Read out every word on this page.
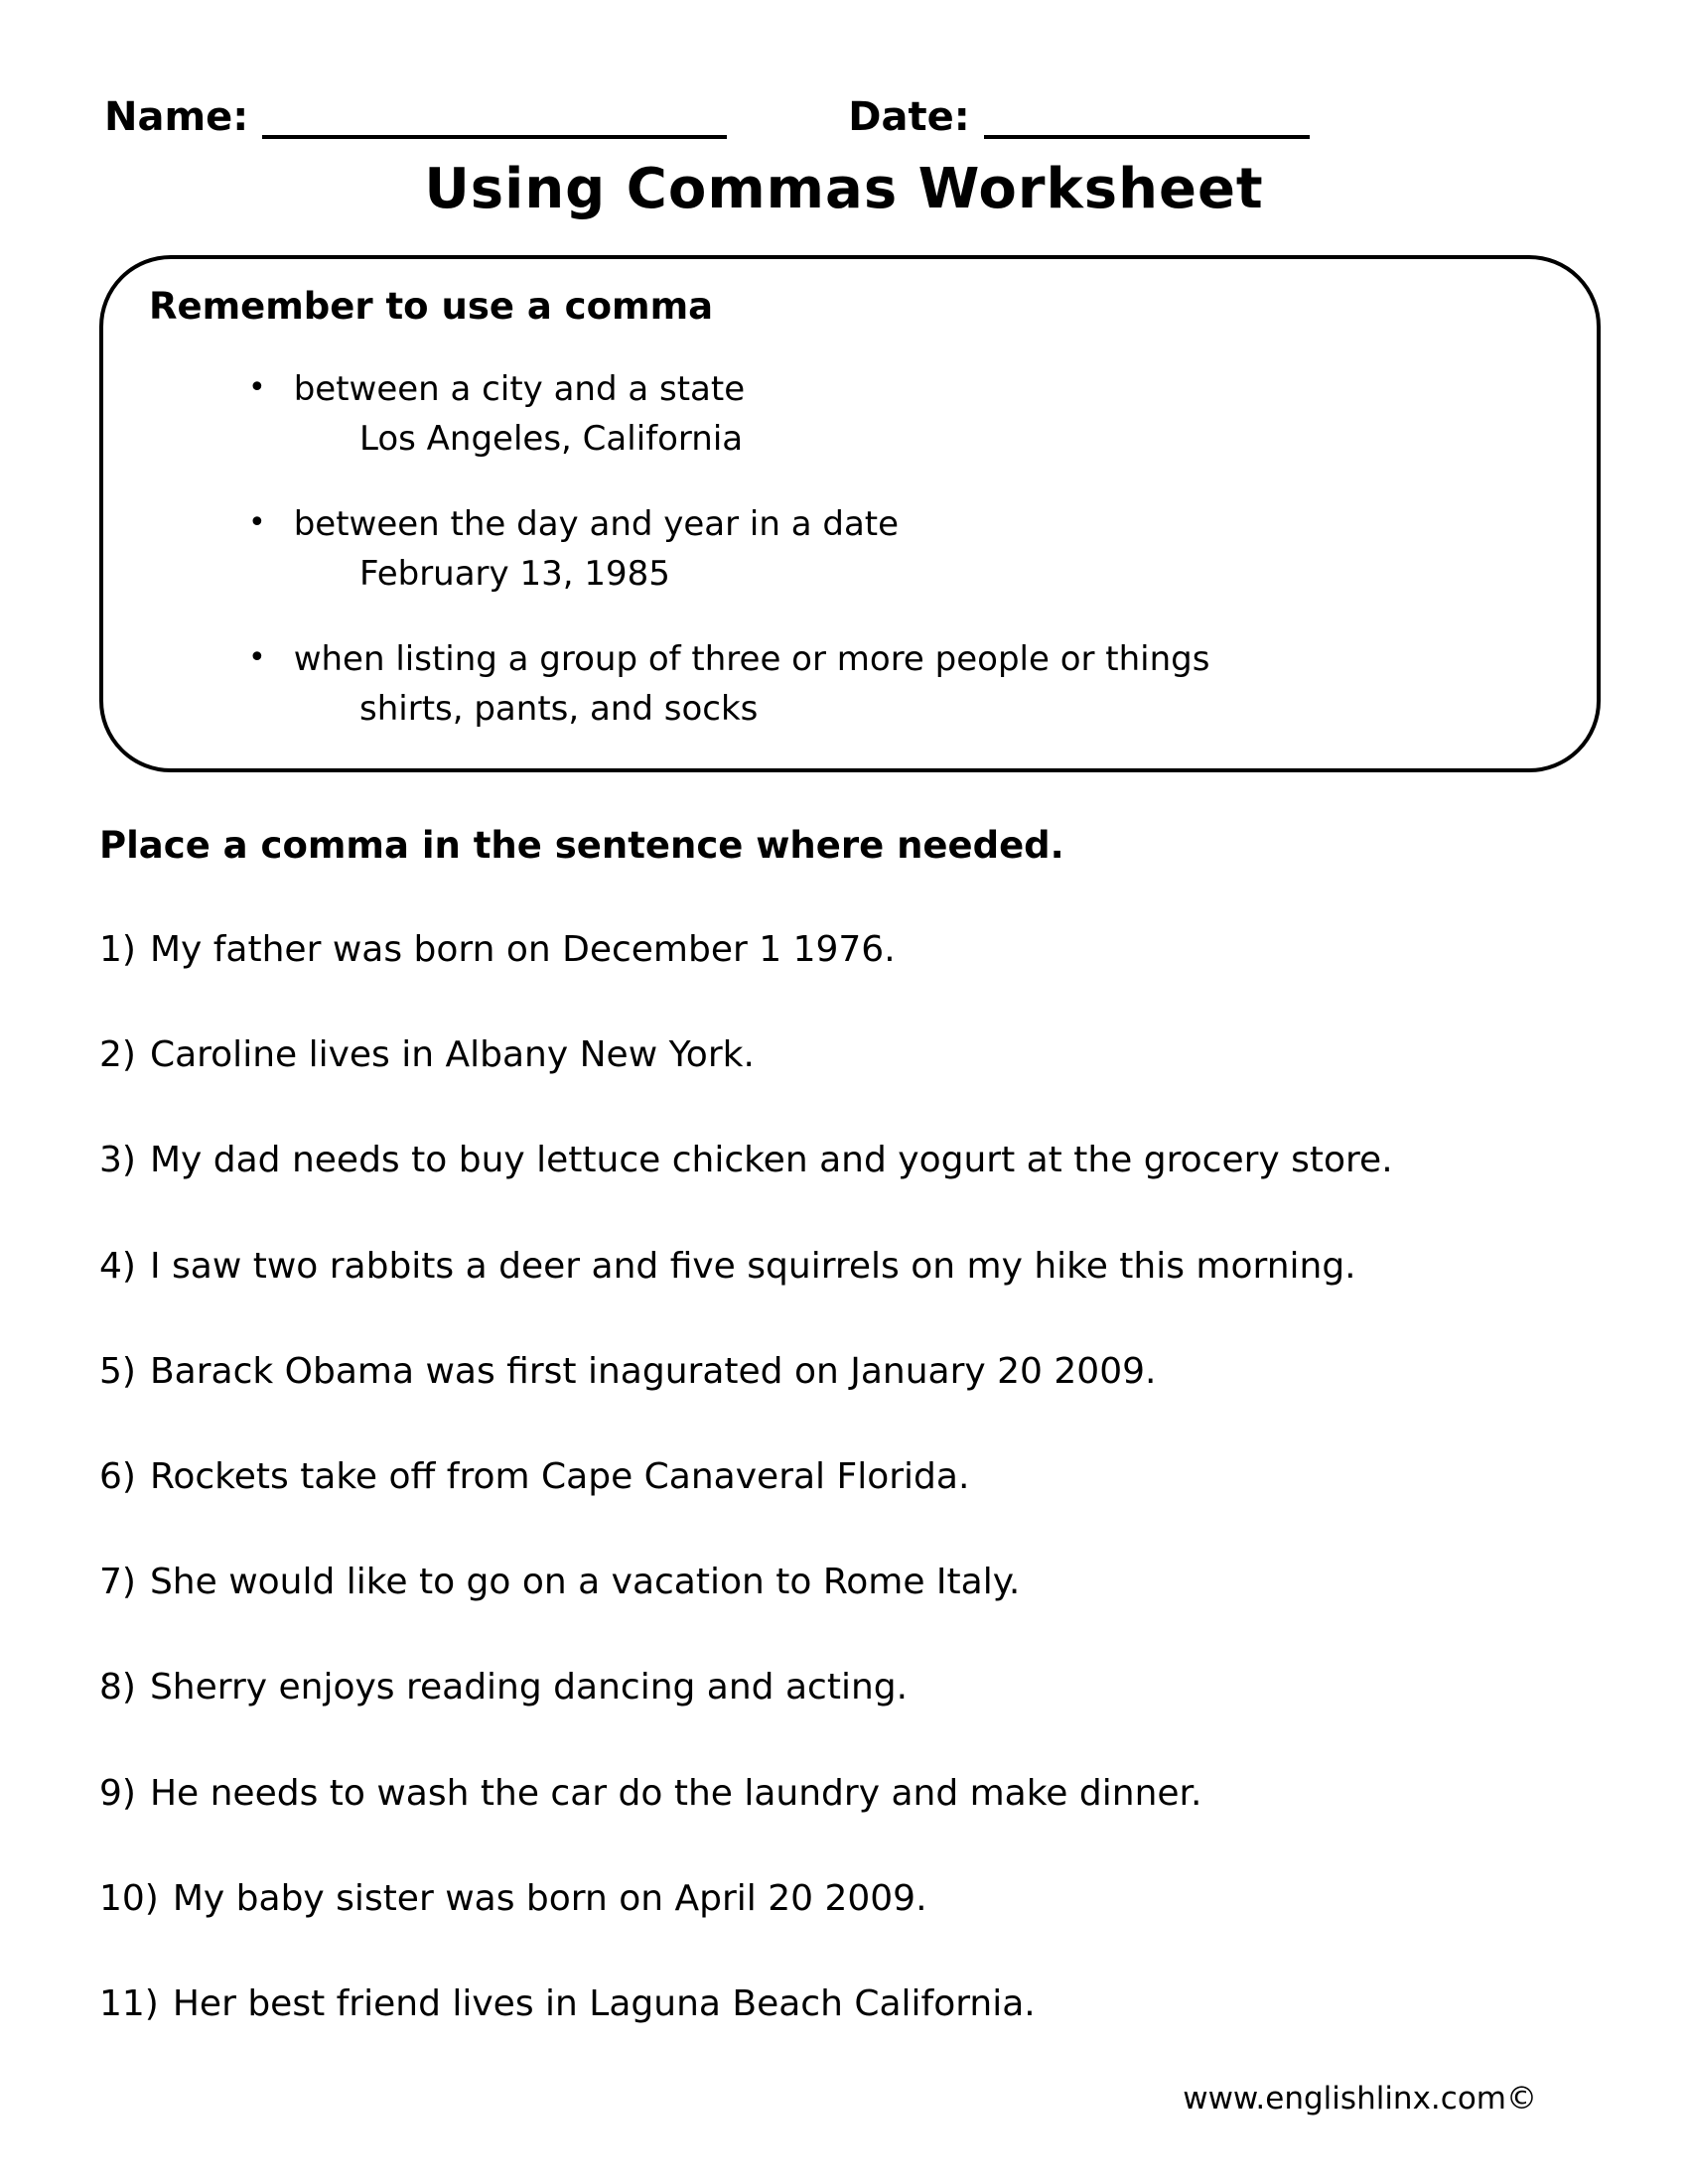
Name:	Date:
Using Commas Worksheet
Remember to use a comma
• between a city and a state
Los Angeles, California
• between the day and year in a date
February 13, 1985
• when listing a group of three or more people or things
shirts, pants, and socks
Place a comma in the sentence where needed.
1) My father was born on December 1 1976.
2) Caroline lives in Albany New York.
3) My dad needs to buy lettuce chicken and yogurt at the grocery store.
4) I saw two rabbits a deer and five squirrels on my hike this morning.
5) Barack Obama was first inagurated on January 20 2009.
6) Rockets take off from Cape Canaveral Florida.
7) She would like to go on a vacation to Rome Italy.
8) Sherry enjoys reading dancing and acting.
9) He needs to wash the car do the laundry and make dinner.
10) My baby sister was born on April 20 2009.
11) Her best friend lives in Laguna Beach California.
www.englishlinx.com©
